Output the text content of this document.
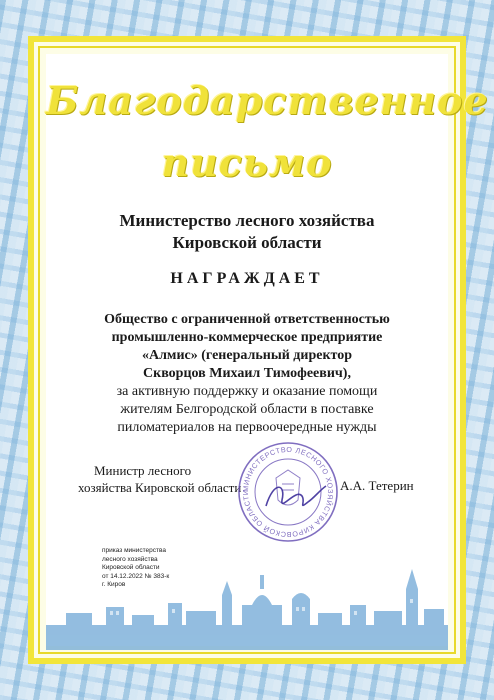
Благодарственное
письмо
Министерство лесного хозяйства
Кировской области
НАГРАЖДАЕТ
Общество с ограниченной ответственностью
промышленно-коммерческое предприятие
«Алмис» (генеральный директор
Скворцов Михаил Тимофеевич),
за активную поддержку и оказание помощи
жителям Белгородской области в поставке
пиломатериалов на первоочередные нужды
Министр лесного
хозяйства Кировской области	А.А. Тетерин
МИНИСТЕРСТВО ЛЕСНОГО ХОЗЯЙСТВА КИРОВСКОЙ ОБЛАСТИ
приказ министерства
лесного хозяйства
Кировской области
от 14.12.2022 № 383-к
г. Киров
